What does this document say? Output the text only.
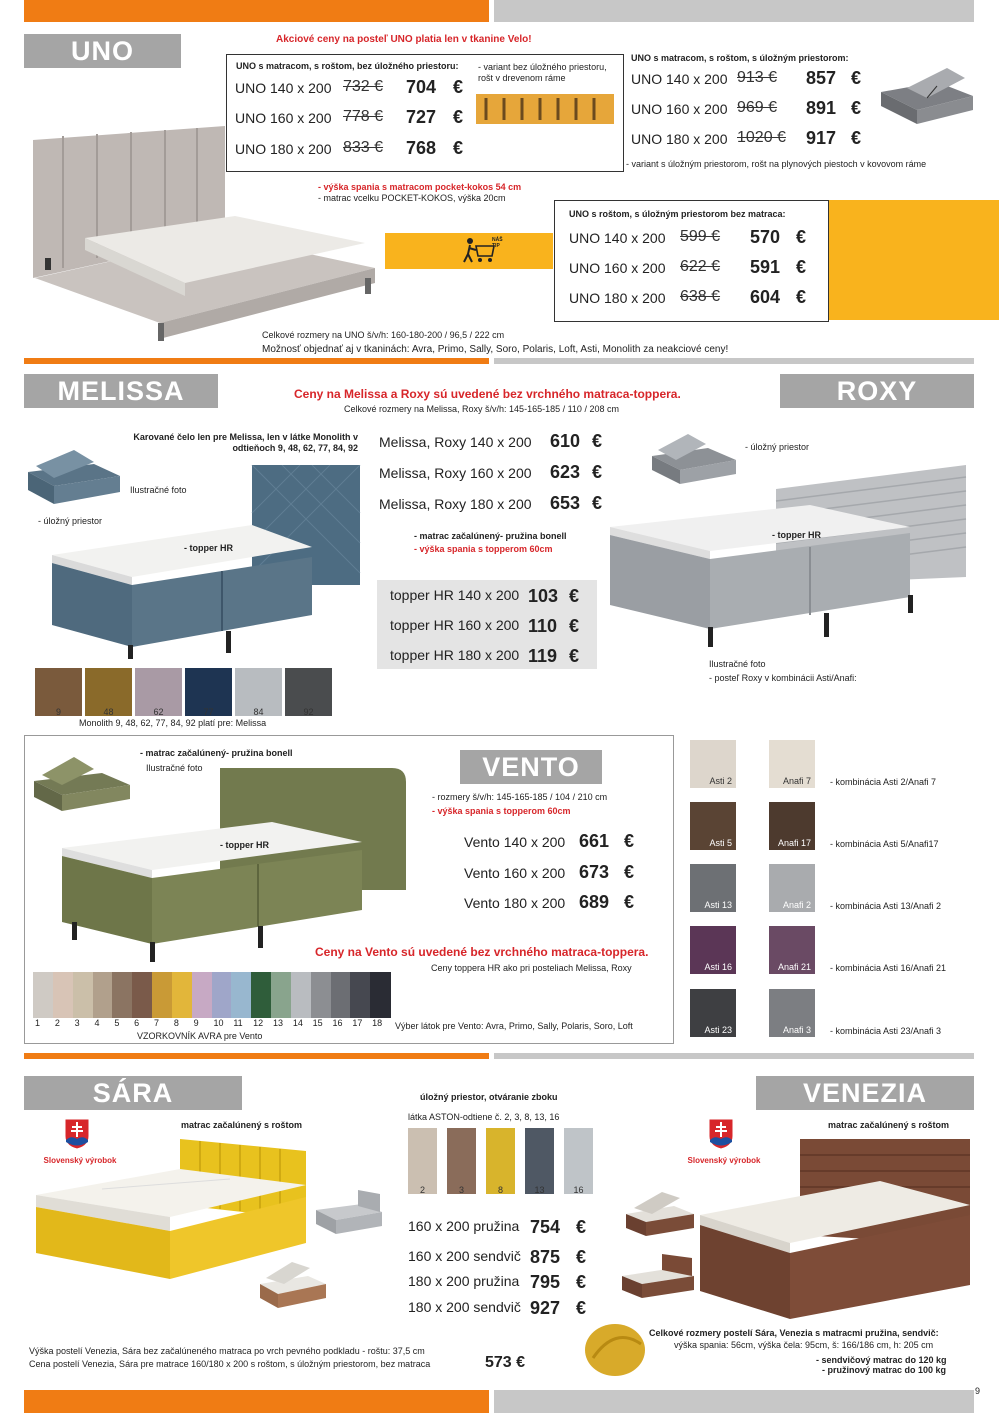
UNO	Akciové ceny na posteľ UNO platia len v tkanine Velo!
UNO s matracom, s roštom, bez úložného priestoru: - variant bez úložného priestoru, rošt v drevenom ráme
UNO 140 x 200 732 € 704 €
UNO 160 x 200 778 € 727 €
UNO 180 x 200 833 € 768 €
UNO s matracom, s roštom, s úložným priestorom:
UNO 140 x 200 913 € 857 €
UNO 160 x 200 969 € 891 €
UNO 180 x 200 1020 € 917 €
- variant s úložným priestorom, rošt na plynových piestoch v kovovom ráme
- výška spania s matracom pocket-kokos 54 cm
- matrac vcelku POCKET-KOKOS, výška 20cm
NÁŠ TIP
UNO s roštom, s úložným priestorom bez matraca:
UNO 140 x 200 599 € 570 €
UNO 160 x 200 622 € 591 €
UNO 180 x 200 638 € 604 €
Celkové rozmery na UNO š/v/h: 160-180-200 / 96,5 / 222 cm
Možnosť objednať aj v tkaninách: Avra, Primo, Sally, Soro, Polaris, Loft, Asti, Monolith za neakciové ceny!
MELISSA	ROXY
Ceny na Melissa a Roxy sú uvedené bez vrchného matraca-toppera.
Celkové rozmery na Melissa, Roxy š/v/h: 145-165-185 / 110 / 208 cm
Karované čelo len pre Melissa, len v látke Monolith v odtieňoch 9, 48, 62, 77, 84, 92
Ilustračné foto
- úložný priestor
- topper HR
Melissa, Roxy 140 x 200 610 €
Melissa, Roxy 160 x 200 623 €
Melissa, Roxy 180 x 200 653 €
- matrac začalúnený- pružina bonell
- výška spania s topperom 60cm
topper HR 140 x 200 103 €
topper HR 160 x 200 110 €
topper HR 180 x 200 119 €
9	48	62	77	84	92
Monolith 9, 48, 62, 77, 84, 92 platí pre: Melissa
- úložný priestor
- topper HR
Ilustračné foto
- posteľ Roxy v kombinácii Asti/Anafi:
- matrac začalúnený- pružina bonell
Ilustračné foto
- topper HR
VENTO
- rozmery š/v/h: 145-165-185 / 104 / 210 cm
- výška spania s topperom 60cm
Vento 140 x 200 661 €
Vento 160 x 200 673 €
Vento 180 x 200 689 €
Ceny na Vento sú uvedené bez vrchného matraca-toppera.
Ceny toppera HR ako pri posteliach Melissa, Roxy
1	2	3	4	5	6	7	8	9	10	11	12	13	14	15	16	17	18
VZORKOVNÍK AVRA pre Vento
Výber látok pre Vento: Avra, Primo, Sally, Polaris, Soro, Loft
Asti 2	Anafi 7 - kombinácia Asti 2/Anafi 7
Asti 5	Anafi 17 - kombinácia Asti 5/Anafi17
Asti 13	Anafi 2 - kombinácia Asti 13/Anafi 2
Asti 16	Anafi 21 - kombinácia Asti 16/Anafi 21
Asti 23	Anafi 3 - kombinácia Asti 23/Anafi 3
SÁRA	VENEZIA
Slovenský výrobok
matrac začalúnený s roštom
úložný priestor, otváranie zboku
látka ASTON-odtiene č. 2, 3, 8, 13, 16
2	3	8	13	16
160 x 200 pružina 754 €
160 x 200 sendvič 875 €
180 x 200 pružina 795 €
180 x 200 sendvič 927 €
Slovenský výrobok
matrac začalúnený s roštom
Celkové rozmery postelí Sára, Venezia s matracmi pružina, sendvič:
výška spania: 56cm, výška čela: 95cm, š: 166/186 cm, h: 205 cm
- sendvičový matrac do 120 kg
- pružinový matrac do 100 kg
Výška postelí Venezia, Sára bez začalúneného matraca po vrch pevného podkladu - roštu: 37,5 cm
Cena postelí Venezia, Sára pre matrace 160/180 x 200 s roštom, s úložným priestorom, bez matraca	573 €
9
